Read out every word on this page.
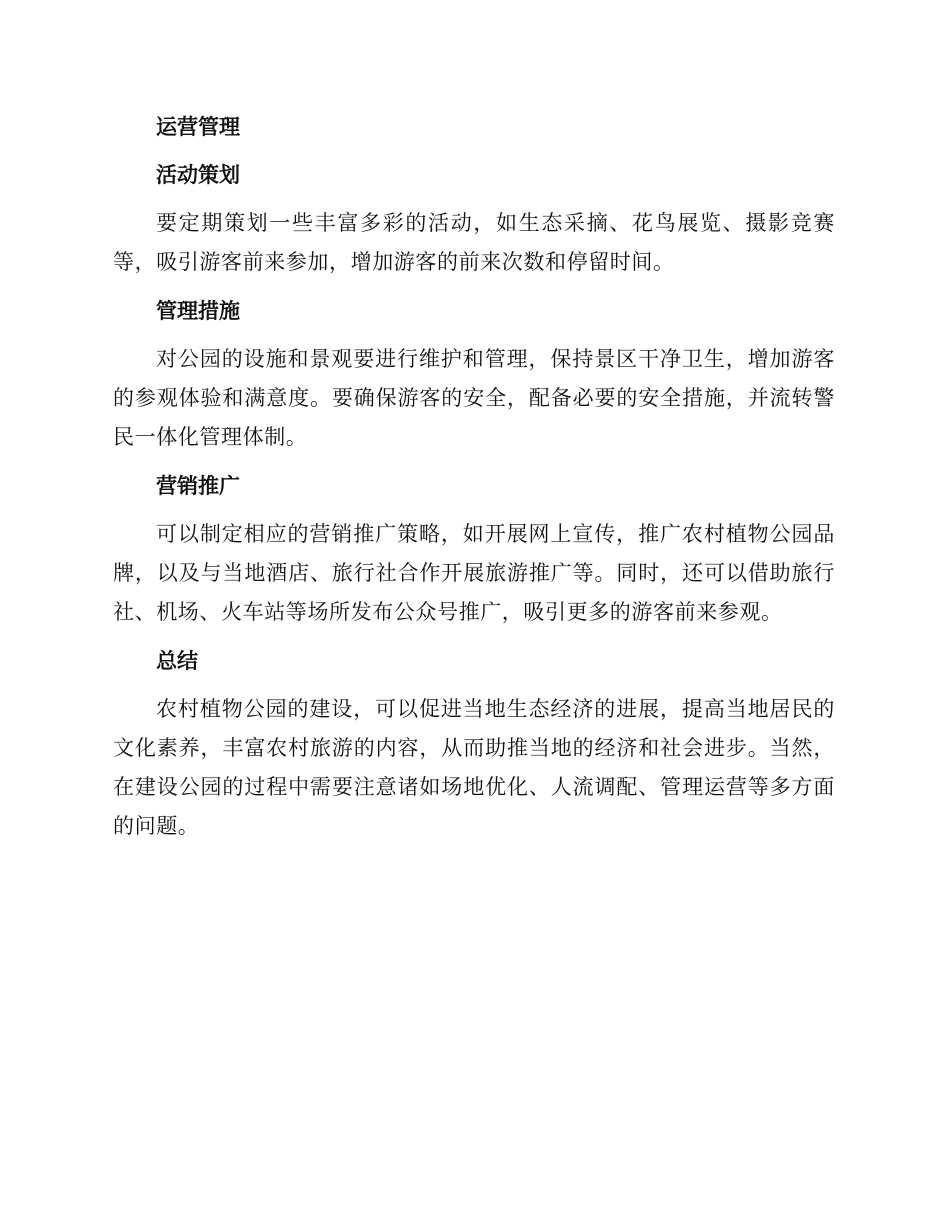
运营管理
活动策划
要定期策划一些丰富多彩的活动，如生态采摘、花鸟展览、摄影竞赛等，吸引游客前来参加，增加游客的前来次数和停留时间。
管理措施
对公园的设施和景观要进行维护和管理，保持景区干净卫生，增加游客的参观体验和满意度。要确保游客的安全，配备必要的安全措施，并流转警民一体化管理体制。
营销推广
可以制定相应的营销推广策略，如开展网上宣传，推广农村植物公园品牌，以及与当地酒店、旅行社合作开展旅游推广等。同时，还可以借助旅行社、机场、火车站等场所发布公众号推广，吸引更多的游客前来参观。
总结
农村植物公园的建设，可以促进当地生态经济的进展，提高当地居民的文化素养，丰富农村旅游的内容，从而助推当地的经济和社会进步。当然，在建设公园的过程中需要注意诸如场地优化、人流调配、管理运营等多方面的问题。
